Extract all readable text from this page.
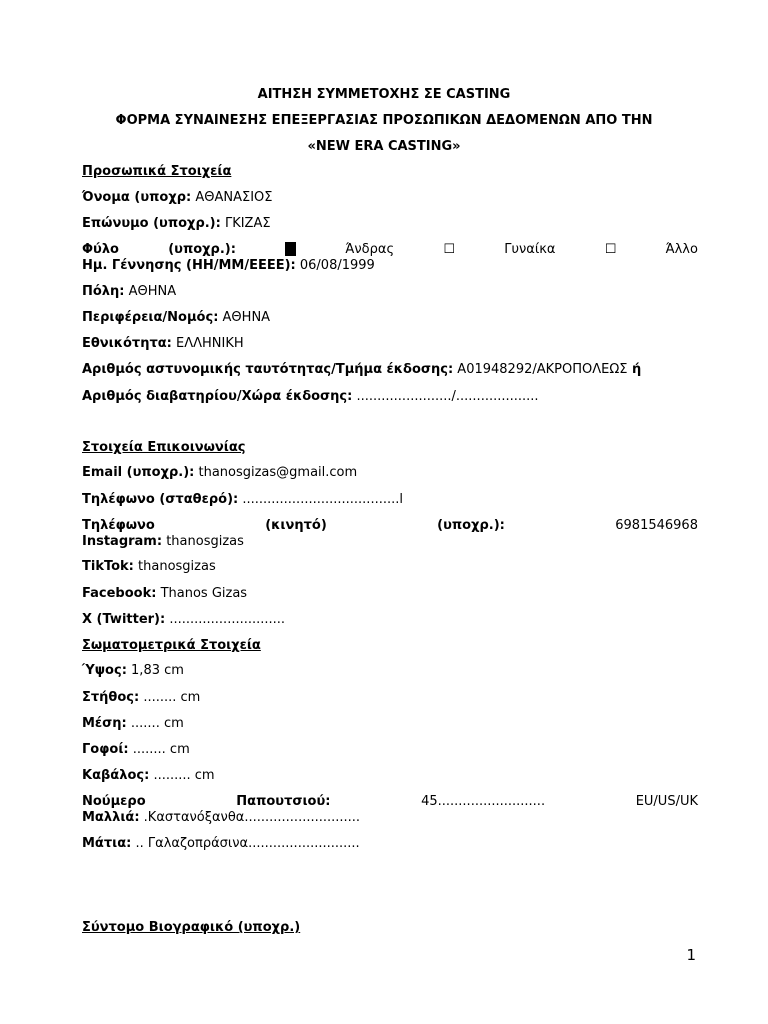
ΑΙΤΗΣΗ ΣΥΜΜΕΤΟΧΗΣ ΣΕ CASTING
ΦΟΡΜΑ ΣΥΝΑΙΝΕΣΗΣ ΕΠΕΞΕΡΓΑΣΙΑΣ ΠΡΟΣΩΠΙΚΩΝ ΔΕΔΟΜΕΝΩΝ ΑΠΟ ΤΗΝ
«NEW ERA CASTING»
Προσωπικά Στοιχεία
Όνομα (υποχρ: ΑΘΑΝΑΣΙΟΣ
Επώνυμο (υποχρ.): ΓΚΙΖΑΣ
Φύλο	(υποχρ.):	Άνδρας	☐	Γυναίκα	☐	Άλλο
Ημ. Γέννησης (ΗΗ/ΜΜ/ΕΕΕΕ): 06/08/1999
Πόλη: ΑΘΗΝΑ
Περιφέρεια/Νομός: ΑΘΗΝΑ
Εθνικότητα: ΕΛΛΗΝΙΚΗ
Αριθμός αστυνομικής ταυτότητας/Τμήμα έκδοσης: Α01948292/ΑΚΡΟΠΟΛΕΩΣ ή
Αριθμός διαβατηρίου/Χώρα έκδοσης: ......................./....................
Στοιχεία Επικοινωνίας
Email (υποχρ.): thanosgizas@gmail.com
Τηλέφωνο (σταθερό): ......................................l
Τηλέφωνο	(κινητό)	(υποχρ.):	6981546968
Instagram: thanosgizas
TikTok: thanosgizas
Facebook: Thanos Gizas
X (Twitter): ............................
Σωματομετρικά Στοιχεία
Ύψος: 1,83 cm
Στήθος: ........ cm
Μέση: ....... cm
Γοφοί: ........ cm
Καβάλος: ......... cm
Νούμερο	Παπουτσιού:	45..........................	EU/US/UK
Μαλλιά: .Καστανόξανθα............................
Μάτια: .. Γαλαζοπράσινα...........................
Σύντομο Βιογραφικό (υποχρ.)
1
